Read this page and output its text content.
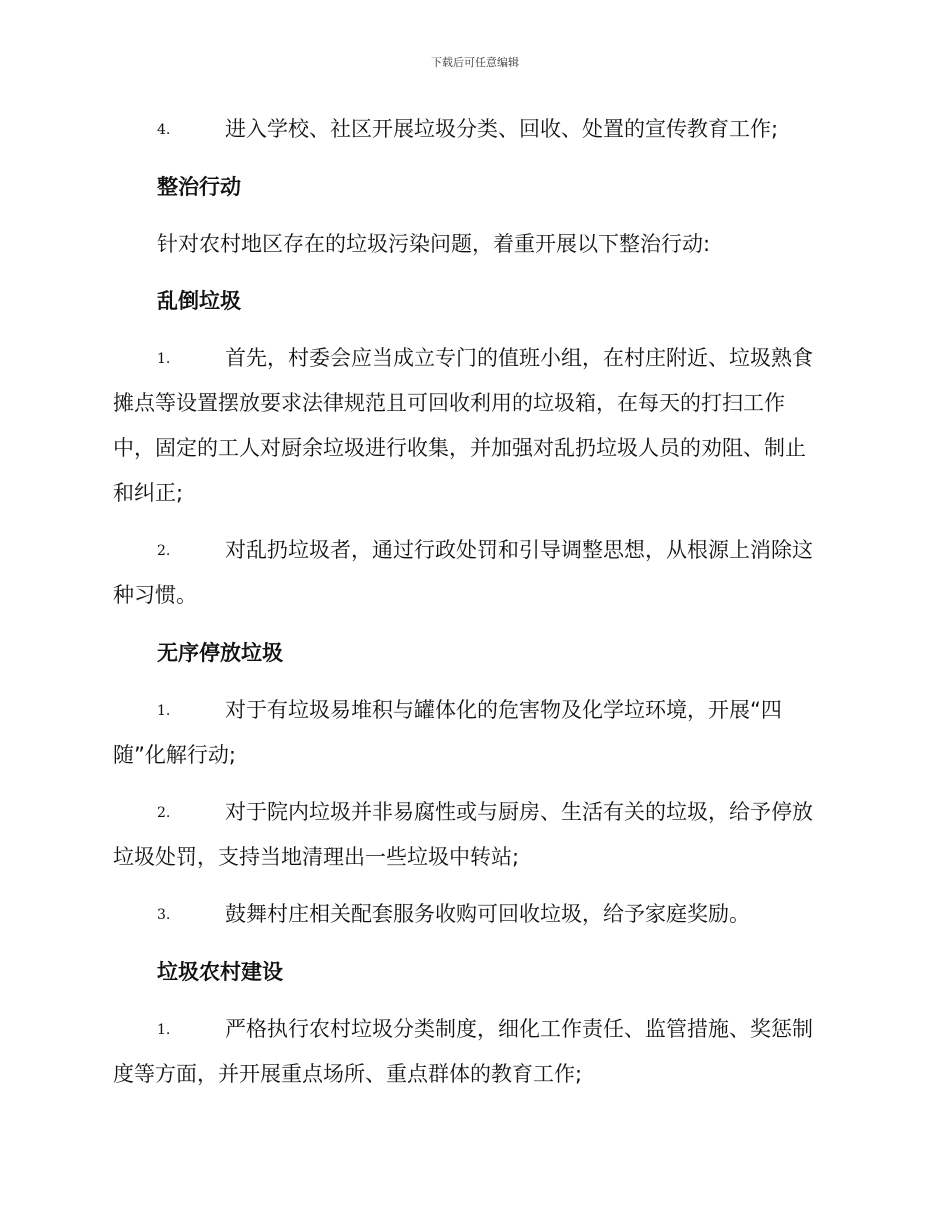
下载后可任意编辑
4.	进入学校、社区开展垃圾分类、回收、处置的宣传教育工作;
整治行动
针对农村地区存在的垃圾污染问题，着重开展以下整治行动:
乱倒垃圾
1.	首先，村委会应当成立专门的值班小组，在村庄附近、垃圾熟食
摊点等设置摆放要求法律规范且可回收利用的垃圾箱，在每天的打扫工作
中，固定的工人对厨余垃圾进行收集，并加强对乱扔垃圾人员的劝阻、制止
和纠正;
2.	对乱扔垃圾者，通过行政处罚和引导调整思想，从根源上消除这
种习惯。
无序停放垃圾
1.	对于有垃圾易堆积与罐体化的危害物及化学垃环境，开展“四
随”化解行动;
2.	对于院内垃圾并非易腐性或与厨房、生活有关的垃圾，给予停放
垃圾处罚，支持当地清理出一些垃圾中转站;
3.	鼓舞村庄相关配套服务收购可回收垃圾，给予家庭奖励。
垃圾农村建设
1.	严格执行农村垃圾分类制度，细化工作责任、监管措施、奖惩制
度等方面，并开展重点场所、重点群体的教育工作;
